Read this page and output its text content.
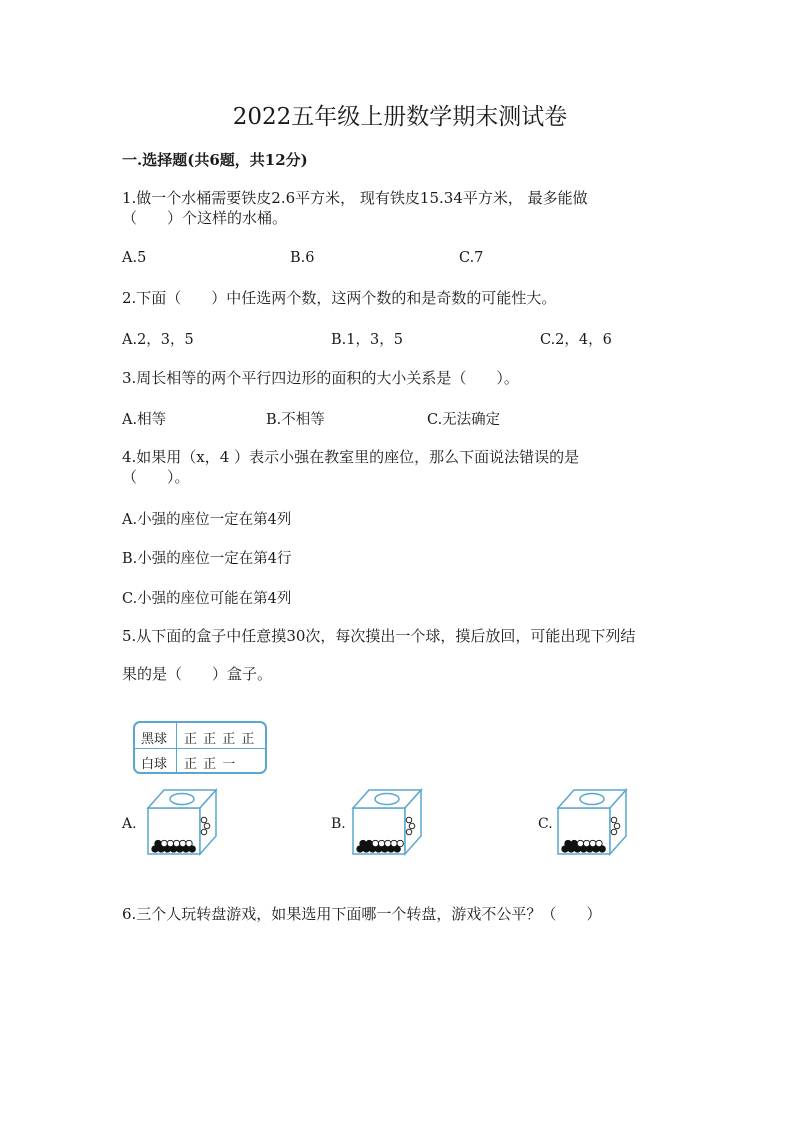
2022五年级上册数学期末测试卷
一.选择题(共6题，共12分)
1.做一个水桶需要铁皮2.6平方米， 现有铁皮15.34平方米， 最多能做
（　　）个这样的水桶。
A.5	B.6	C.7
2.下面（　　）中任选两个数，这两个数的和是奇数的可能性大。
A.2，3，5	B.1，3，5	C.2，4，6
3.周长相等的两个平行四边形的面积的大小关系是（　　）。
A.相等	B.不相等	C.无法确定
4.如果用（x，4 ）表示小强在教室里的座位，那么下面说法错误的是
（　　）。
A.小强的座位一定在第4列
B.小强的座位一定在第4行
C.小强的座位可能在第4列
5.从下面的盒子中任意摸30次，每次摸出一个球，摸后放回，可能出现下列结
果的是（　　）盒子。
黑球 正 正 正 正
白球 正 正 一
A.	B.	C.
6.三个人玩转盘游戏，如果选用下面哪一个转盘，游戏不公平？（　　）
